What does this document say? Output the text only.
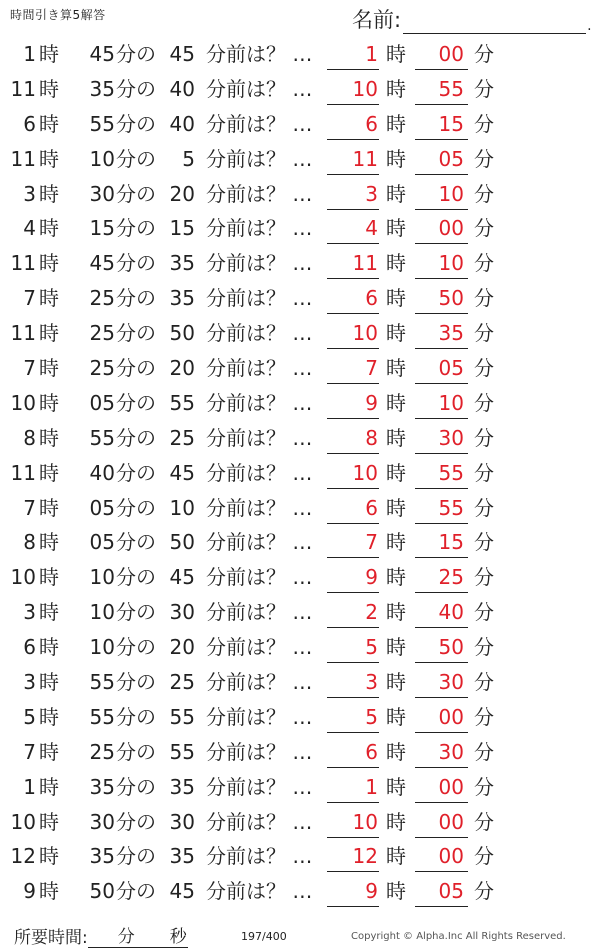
時間引き算5解答	名前:	.
1 時	45 分の 45 分前は？ …	1 時	00 分
11 時	35 分の 40 分前は？ …	10 時	55 分
6 時	55 分の 40 分前は？ …	6 時	15 分
11 時	10 分の	5 分前は？ …	11 時	05 分
3 時	30 分の 20 分前は？ …	3 時	10 分
4 時	15 分の 15 分前は？ …	4 時	00 分
11 時	45 分の 35 分前は？ …	11 時	10 分
7 時	25 分の 35 分前は？ …	6 時	50 分
11 時	25 分の 50 分前は？ …	10 時	35 分
7 時	25 分の 20 分前は？ …	7 時	05 分
10 時	05 分の 55 分前は？ …	9 時	10 分
8 時	55 分の 25 分前は？ …	8 時	30 分
11 時	40 分の 45 分前は？ …	10 時	55 分
7 時	05 分の 10 分前は？ …	6 時	55 分
8 時	05 分の 50 分前は？ …	7 時	15 分
10 時	10 分の 45 分前は？ …	9 時	25 分
3 時	10 分の 30 分前は？ …	2 時	40 分
6 時	10 分の 20 分前は？ …	5 時	50 分
3 時	55 分の 25 分前は？ …	3 時	30 分
5 時	55 分の 55 分前は？ …	5 時	00 分
7 時	25 分の 55 分前は？ …	6 時	30 分
1 時	35 分の 35 分前は？ …	1 時	00 分
10 時	30 分の 30 分前は？ …	10 時	00 分
12 時	35 分の 35 分前は？ …	12 時	00 分
9 時	50 分の 45 分前は？ …	9 時	05 分
所要時間: 分 秒	197/400	Copyright © Alpha.Inc All Rights Reserved.
